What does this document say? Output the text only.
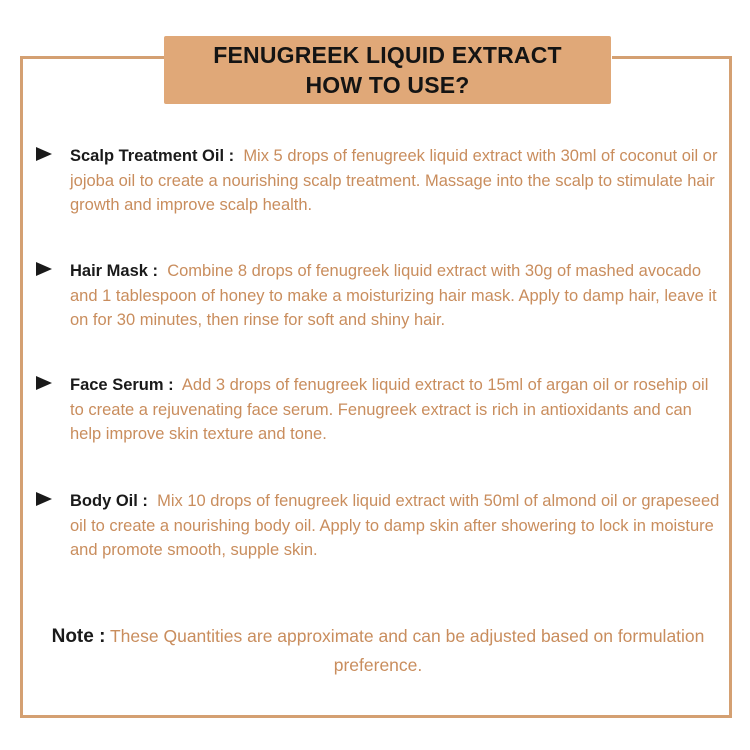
FENUGREEK LIQUID EXTRACT
HOW TO USE?
Scalp Treatment Oil : Mix 5 drops of fenugreek liquid extract with 30ml of coconut oil or jojoba oil to create a nourishing scalp treatment. Massage into the scalp to stimulate hair growth and improve scalp health.
Hair Mask : Combine 8 drops of fenugreek liquid extract with 30g of mashed avocado and 1 tablespoon of honey to make a moisturizing hair mask. Apply to damp hair, leave it on for 30 minutes, then rinse for soft and shiny hair.
Face Serum : Add 3 drops of fenugreek liquid extract to 15ml of argan oil or rosehip oil to create a rejuvenating face serum. Fenugreek extract is rich in antioxidants and can help improve skin texture and tone.
Body Oil : Mix 10 drops of fenugreek liquid extract with 50ml of almond oil or grapeseed oil to create a nourishing body oil. Apply to damp skin after showering to lock in moisture and promote smooth, supple skin.
Note : These Quantities are approximate and can be adjusted based on formulation preference.
